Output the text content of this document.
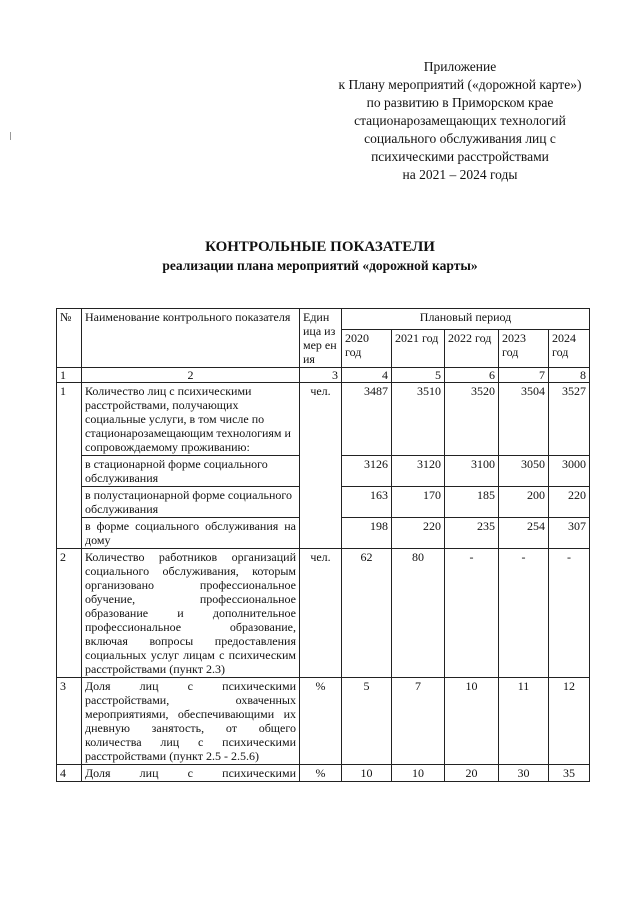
Приложение
к Плану мероприятий («дорожной карте»)
по развитию в Приморском крае
стационарозамещающих технологий
социального обслуживания лиц с
психическими расстройствами
на 2021 – 2024 годы
КОНТРОЛЬНЫЕ ПОКАЗАТЕЛИ
реализации плана мероприятий «дорожной карты»
№	Наименование контрольного показателя	Един ица измер ения	Плановый период				
			2020 год	2021 год	2022 год	2023 год	2024 год
1	2	3	4	5	6	7	8
1	Количество лиц с психическими расстройствами, получающих социальные услуги, в том числе по стационарозамещающим технологиям и сопровождаемому проживанию:	чел.	3487	3510	3520	3504	3527
	в стационарной форме социального обслуживания		3126	3120	3100	3050	3000
	в полустационарной форме социального обслуживания		163	170	185	200	220
	в форме социального обслуживания на дому		198	220	235	254	307
2	Количество работников организаций социального обслуживания, которым организовано профессиональное обучение, профессиональное образование и дополнительное профессиональное образование, включая вопросы предоставления социальных услуг лицам с психическим расстройствами (пункт 2.3)	чел.	62	80	-	-	-
3	Доля лиц с психическими расстройствами, охваченных мероприятиями, обеспечивающими их дневную занятость, от общего количества лиц с психическими расстройствами (пункт 2.5 - 2.5.6)	%	5	7	10	11	12
4	Доля лиц с психическими	%	10	10	20	30	35
